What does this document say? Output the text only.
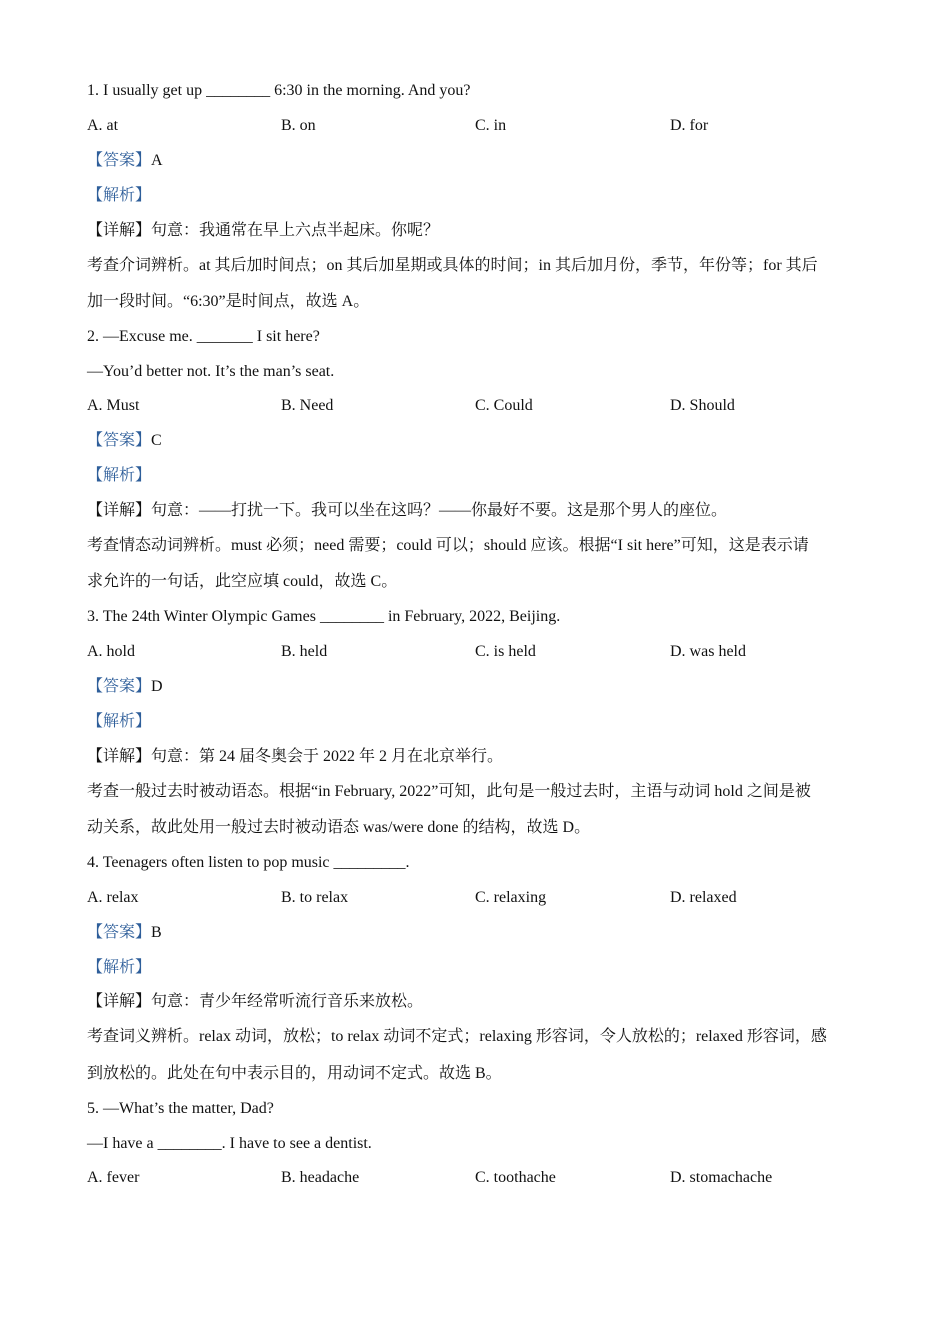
1. I usually get up ________ 6:30 in the morning. And you?
A. at	B. on	C. in	D. for
【答案】A
【解析】
【详解】句意：我通常在早上六点半起床。你呢？
考查介词辨析。at 其后加时间点；on 其后加星期或具体的时间；in 其后加月份，季节，年份等；for 其后
加一段时间。“6:30”是时间点，故选 A。
2. —Excuse me. _______ I sit here?
—You’d better not. It’s the man’s seat.
A. Must	B. Need	C. Could	D. Should
【答案】C
【解析】
【详解】句意：——打扰一下。我可以坐在这吗？——你最好不要。这是那个男人的座位。
考查情态动词辨析。must 必须；need 需要；could 可以；should 应该。根据“I sit here”可知，这是表示请
求允许的一句话，此空应填 could，故选 C。
3. The 24th Winter Olympic Games ________ in February, 2022, Beijing.
A. hold	B. held	C. is held	D. was held
【答案】D
【解析】
【详解】句意：第 24 届冬奥会于 2022 年 2 月在北京举行。
考查一般过去时被动语态。根据“in February, 2022”可知，此句是一般过去时，主语与动词 hold 之间是被
动关系，故此处用一般过去时被动语态 was/were done 的结构，故选 D。
4. Teenagers often listen to pop music _________.
A. relax	B. to relax	C. relaxing	D. relaxed
【答案】B
【解析】
【详解】句意：青少年经常听流行音乐来放松。
考查词义辨析。relax 动词，放松；to relax 动词不定式；relaxing 形容词，令人放松的；relaxed 形容词，感
到放松的。此处在句中表示目的，用动词不定式。故选 B。
5. —What’s the matter, Dad?
—I have a ________. I have to see a dentist.
A. fever	B. headache	C. toothache	D. stomachache
